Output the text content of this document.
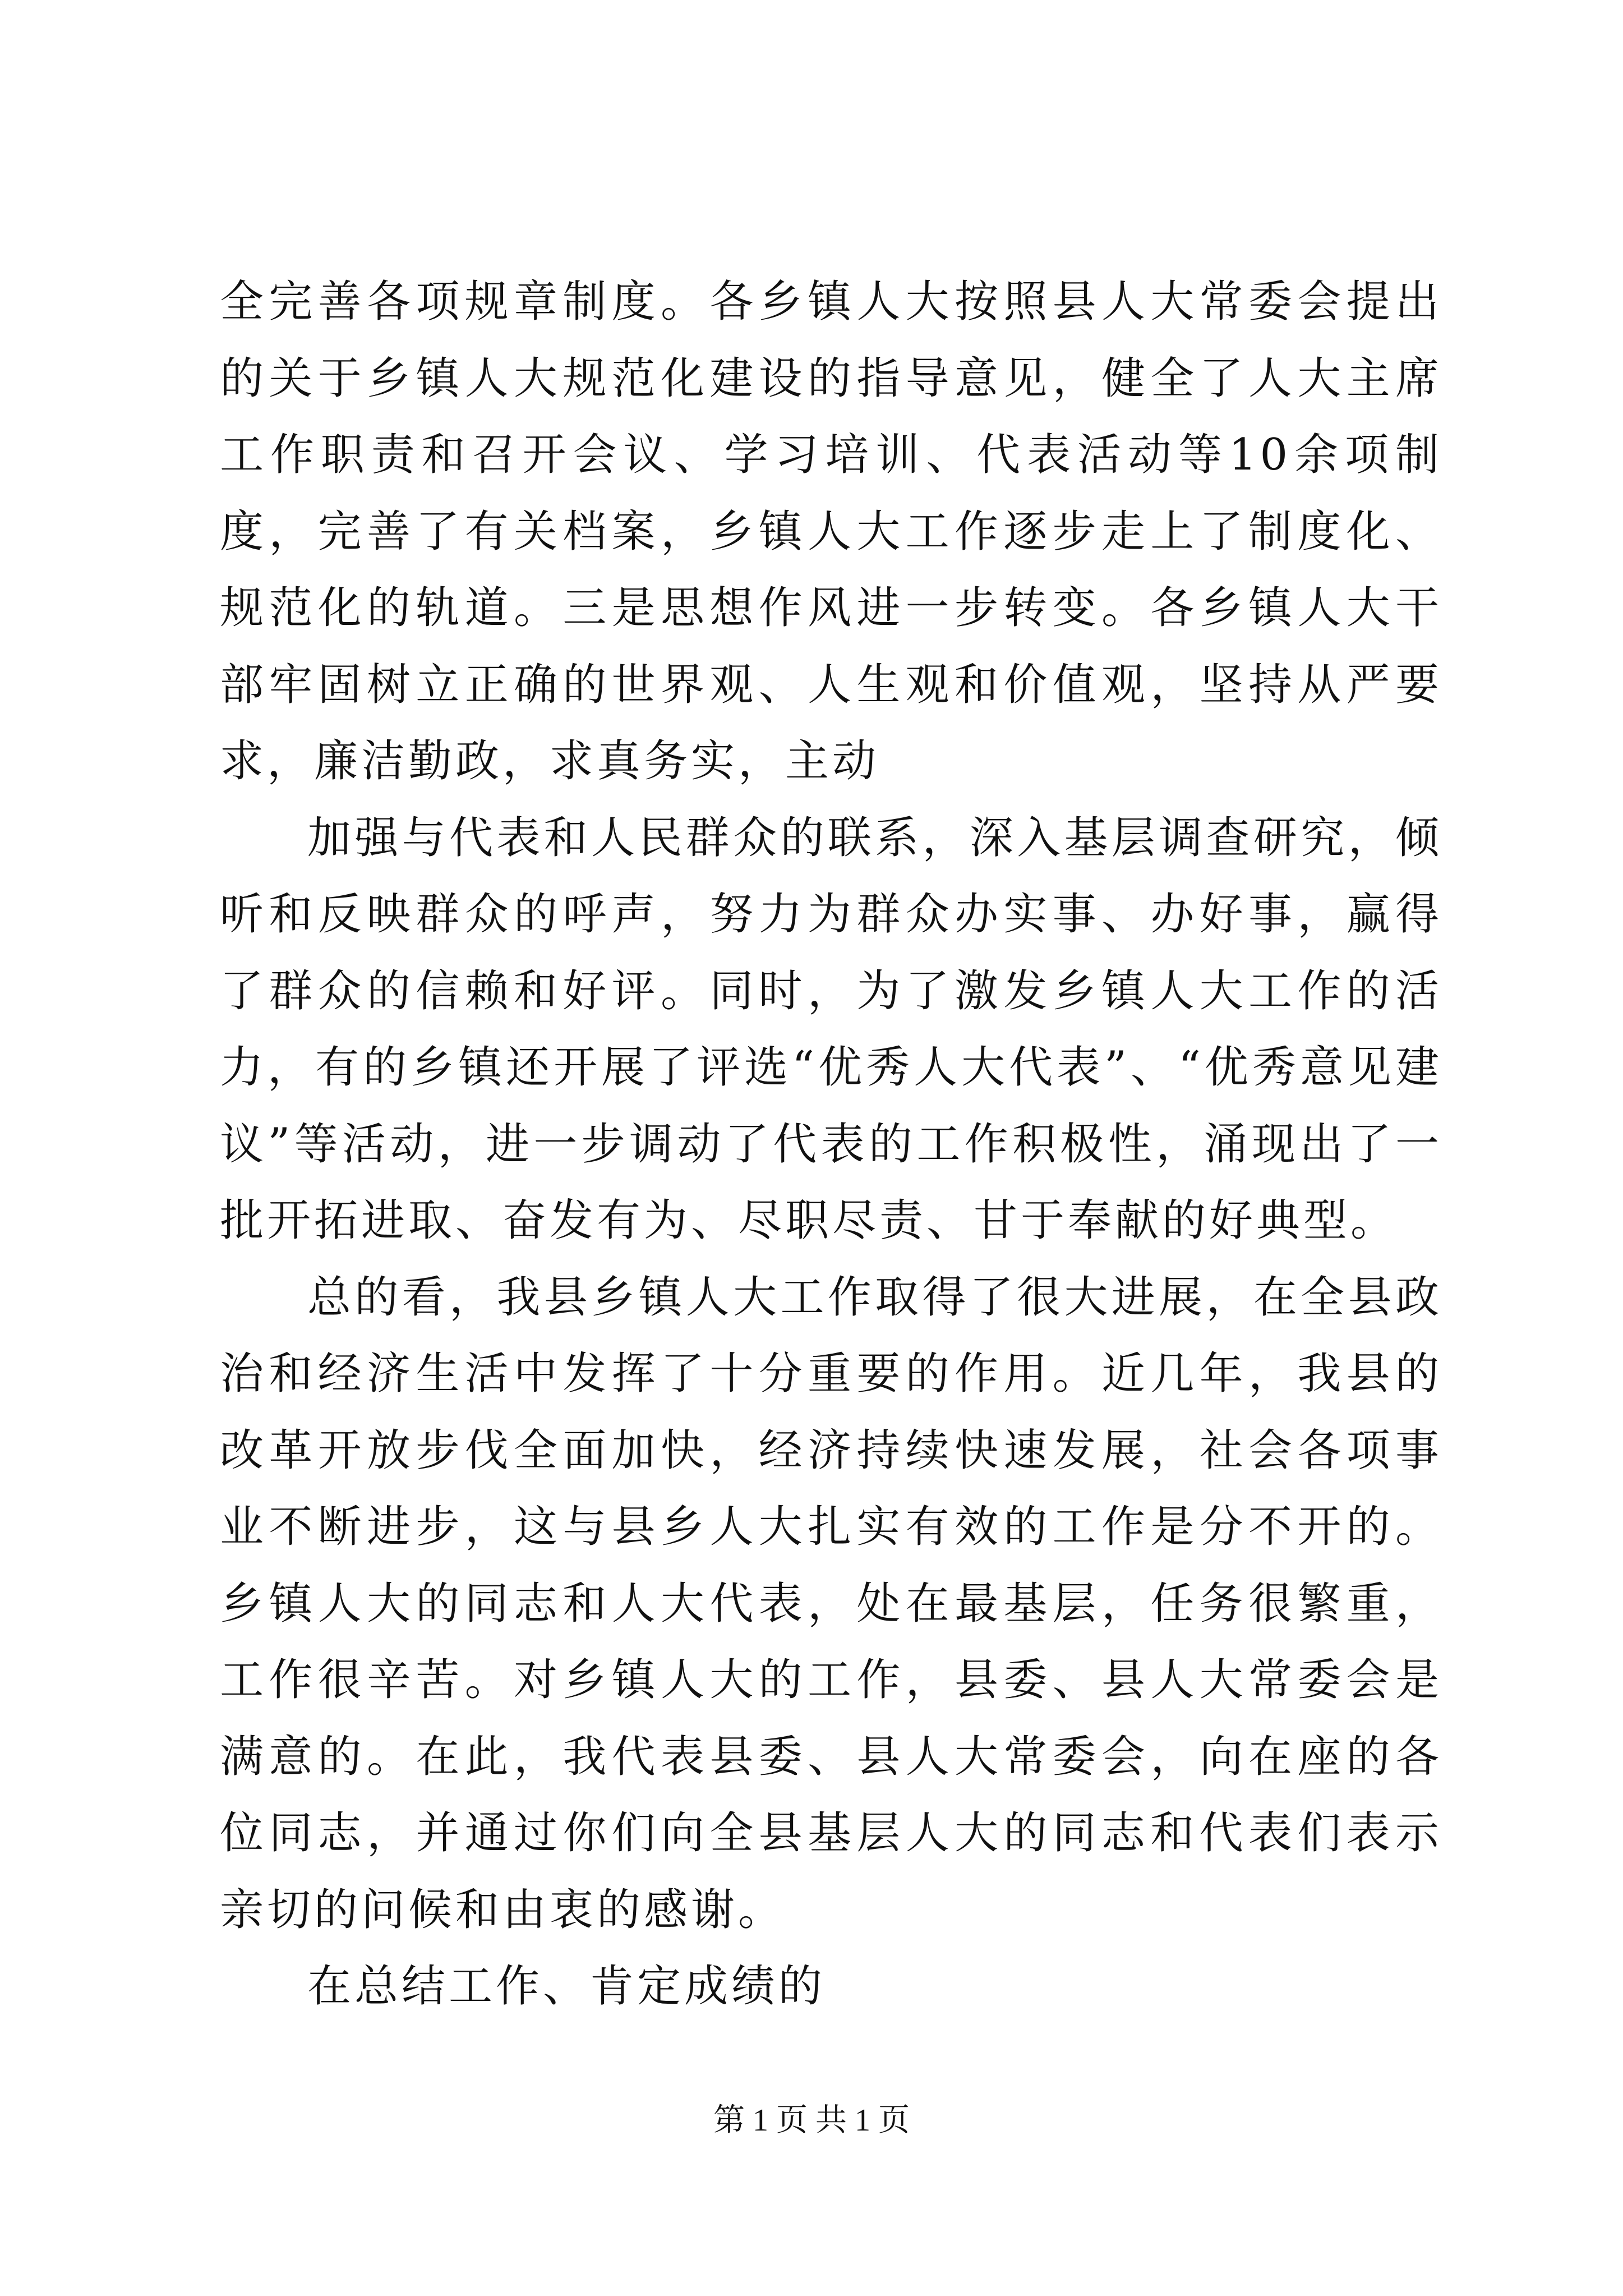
全完善各项规章制度。各乡镇人大按照县人大常委会提出的关于乡镇人大规范化建设的指导意见，健全了人大主席工作职责和召开会议、学习培训、代表活动等10余项制度，完善了有关档案，乡镇人大工作逐步走上了制度化、规范化的轨道。三是思想作风进一步转变。各乡镇人大干部牢固树立正确的世界观、人生观和价值观，坚持从严要求，廉洁勤政，求真务实，主动

加强与代表和人民群众的联系，深入基层调查研究，倾听和反映群众的呼声，努力为群众办实事、办好事，赢得了群众的信赖和好评。同时，为了激发乡镇人大工作的活力，有的乡镇还开展了评选“优秀人大代表”、“优秀意见建议”等活动，进一步调动了代表的工作积极性，涌现出了一批开拓进取、奋发有为、尽职尽责、甘于奉献的好典型。

总的看，我县乡镇人大工作取得了很大进展，在全县政治和经济生活中发挥了十分重要的作用。近几年，我县的改革开放步伐全面加快，经济持续快速发展，社会各项事业不断进步，这与县乡人大扎实有效的工作是分不开的。乡镇人大的同志和人大代表，处在最基层，任务很繁重，工作很辛苦。对乡镇人大的工作，县委、县人大常委会是满意的。在此，我代表县委、县人大常委会，向在座的各位同志，并通过你们向全县基层人大的同志和代表们表示亲切的问候和由衷的感谢。

在总结工作、肯定成绩的

第 1 页 共 1 页
